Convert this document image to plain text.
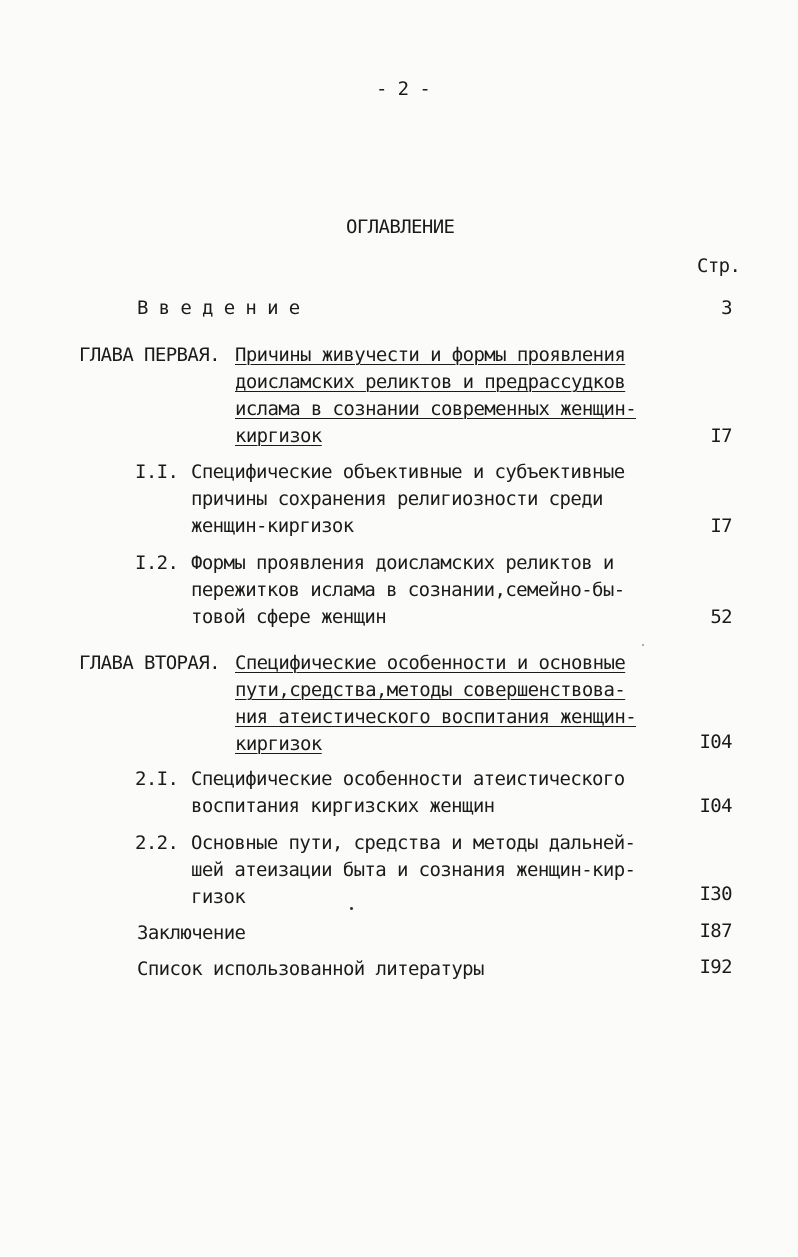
- 2 -
ОГЛАВЛЕНИЕ
Стр.
В в е д е н и е	3
ГЛАВА ПЕРВАЯ. Причины живучести и формы проявления
доисламских реликтов и предрассудков
ислама в сознании современных женщин-
киргизок	I7
I.I. Специфические объективные и субъективные
причины сохранения религиозности среди
женщин-киргизок	I7
I.2. Формы проявления доисламских реликтов и
пережитков ислама в сознании,семейно-бы-
товой сфере женщин	52
ГЛАВА ВТОРАЯ. Специфические особенности и основные
пути,средства,методы совершенствова-
ния атеистического воспитания женщин-
киргизок	I04
2.I. Специфические особенности атеистического
воспитания киргизских женщин	I04
2.2. Основные пути, средства и методы дальней-
шей атеизации быта и сознания женщин-кир-
гизок	I30
Заключение	I87
Список использованной литературы	I92
